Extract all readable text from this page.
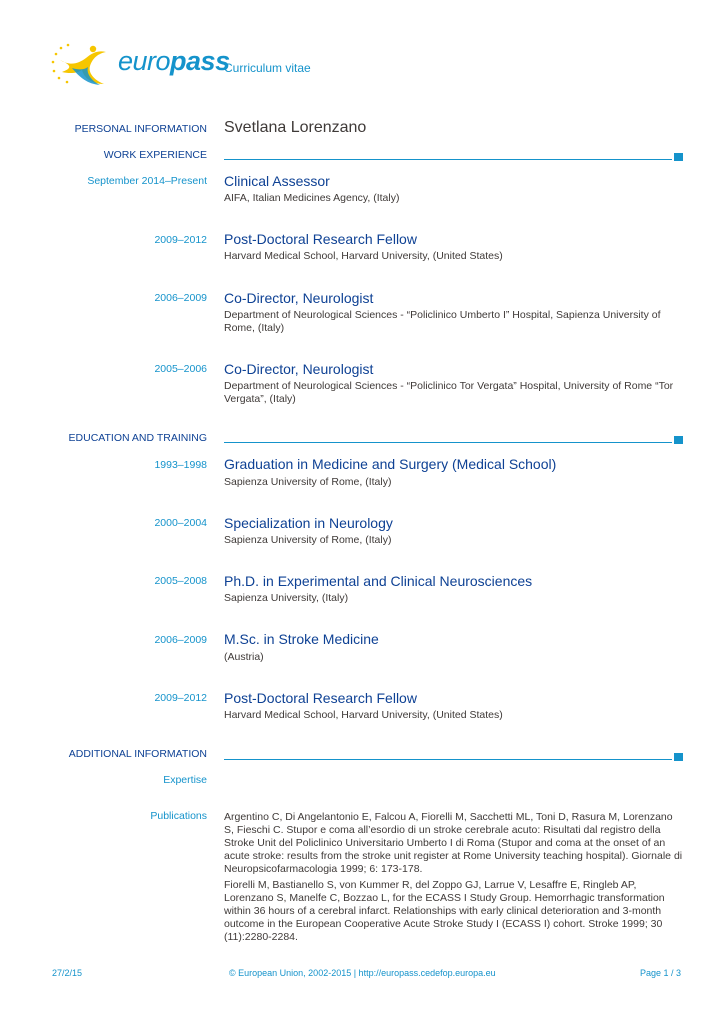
europass
Curriculum vitae
PERSONAL INFORMATION Svetlana Lorenzano
WORK EXPERIENCE
September 2014–Present Clinical Assessor
AIFA, Italian Medicines Agency, (Italy)
2009–2012 Post-Doctoral Research Fellow
Harvard Medical School, Harvard University, (United States)
2006–2009 Co-Director, Neurologist
Department of Neurological Sciences - “Policlinico Umberto I” Hospital, Sapienza University of Rome, (Italy)
2005–2006 Co-Director, Neurologist
Department of Neurological Sciences - “Policlinico Tor Vergata” Hospital, University of Rome “Tor Vergata”, (Italy)
EDUCATION AND TRAINING
1993–1998 Graduation in Medicine and Surgery (Medical School)
Sapienza University of Rome, (Italy)
2000–2004 Specialization in Neurology
Sapienza University of Rome, (Italy)
2005–2008 Ph.D. in Experimental and Clinical Neurosciences
Sapienza University, (Italy)
2006–2009 M.Sc. in Stroke Medicine
(Austria)
2009–2012 Post-Doctoral Research Fellow
Harvard Medical School, Harvard University, (United States)
ADDITIONAL INFORMATION
Expertise
Publications Argentino C, Di Angelantonio E, Falcou A, Fiorelli M, Sacchetti ML, Toni D, Rasura M, Lorenzano S, Fieschi C. Stupor e coma all’esordio di un stroke cerebrale acuto: Risultati dal registro della Stroke Unit del Policlinico Universitario Umberto I di Roma (Stupor and coma at the onset of an acute stroke: results from the stroke unit register at Rome University teaching hospital). Giornale di Neuropsicofarmacologia 1999; 6: 173-178.
Fiorelli M, Bastianello S, von Kummer R, del Zoppo GJ, Larrue V, Lesaffre E, Ringleb AP, Lorenzano S, Manelfe C, Bozzao L, for the ECASS I Study Group. Hemorrhagic transformation within 36 hours of a cerebral infarct. Relationships with early clinical deterioration and 3-month outcome in the European Cooperative Acute Stroke Study I (ECASS I) cohort. Stroke 1999; 30 (11):2280-2284.
27/2/15	© European Union, 2002-2015 | http://europass.cedefop.europa.eu	Page 1 / 3
